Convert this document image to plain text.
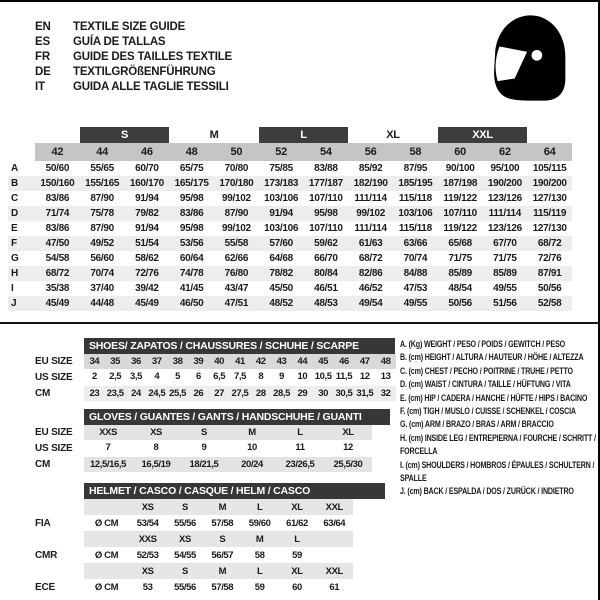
EN	TEXTILE SIZE GUIDE
ES	GUÍA DE TALLAS
FR	GUIDE DES TAILLES TEXTILE
DE	TEXTILGRÖßENFÜHRUNG
IT	GUIDA ALLE TAGLIE TESSILI
		S		M		L		XL		XXL		
	42	44	46	48	50	52	54	56	58	60	62	64
A	50/60	55/65	60/70	65/75	70/80	75/85	83/88	85/92	87/95	90/100	95/100	105/115
B	150/160	155/165	160/170	165/175	170/180	173/183	177/187	182/190	185/195	187/198	190/200	190/200
C	83/86	87/90	91/94	95/98	99/102	103/106	107/110	111/114	115/118	119/122	123/126	127/130
D	71/74	75/78	79/82	83/86	87/90	91/94	95/98	99/102	103/106	107/110	111/114	115/119
E	83/86	87/90	91/94	95/98	99/102	103/106	107/110	111/114	115/118	119/122	123/126	127/130
F	47/50	49/52	51/54	53/56	55/58	57/60	59/62	61/63	63/66	65/68	67/70	68/72
G	54/58	56/60	58/62	60/64	62/66	64/68	66/70	68/72	70/74	71/75	71/75	72/76
H	68/72	70/74	72/76	74/78	76/80	78/82	80/84	82/86	84/88	85/89	85/89	87/91
I	35/38	37/40	39/42	41/45	43/47	45/50	46/51	46/52	47/53	48/54	49/55	50/56
J	45/49	44/48	45/49	46/50	47/51	48/52	48/53	49/54	49/55	50/56	51/56	52/58
SHOES/ ZAPATOS / CHAUSSURES / SCHUHE / SCARPE
EU SIZE	34	35	36	37	38	39	40	41	42	43	44	45	46	47	48
US SIZE	2	2,5	3,5	4	5	6	6,5	7,5	8	9	10	10,5	11,5	12	13
CM	23	23,5	24	24,5	25,5	26	27	27,5	28	28,5	29	30	30,5	31,5	32
GLOVES / GUANTES / GANTS / HANDSCHUHE / GUANTI
EU SIZE	XXS	XS	S	M	L	XL
US SIZE	7	8	9	10	11	12
CM	12,5/16,5	16,5/19	18/21,5	20/24	23/26,5	25,5/30
HELMET / CASCO / CASQUE / HELM / CASCO
		XS	S	M	L	XL	XXL
FIA	Ø CM	53/54	55/56	57/58	59/60	61/62	63/64
		XXS	XS	S	M	L	
CMR	Ø CM	52/53	54/55	56/57	58	59	
		XS	S	M	L	XL	XXL
ECE	Ø CM	53	55/56	57/58	59	60	61
A. (Kg) WEIGHT / PESO / POIDS / GEWITCH / PESO
B. (cm) HEIGHT / ALTURA / HAUTEUR / HÖHE / ALTEZZA
C. (cm) CHEST / PECHO / POITRINE / TRUHE / PETTO
D. (cm) WAIST / CINTURA / TAILLE / HÜFTUNG / VITA
E. (cm) HIP / CADERA / HANCHE / HÜFTE / HIPS / BACINO
F. (cm) TIGH / MUSLO / CUISSE / SCHENKEL / COSCIA
G. (cm) ARM / BRAZO / BRAS / ARM / BRACCIO
H. (cm) INSIDE LEG / ENTREPIERNA / FOURCHE / SCHRITT / FORCELLA
I. (cm) SHOULDERS / HOMBROS / ÉPAULES / SCHULTERN / SPALLE
J. (cm) BACK / ESPALDA / DOS / ZURÜCK / INDIETRO
